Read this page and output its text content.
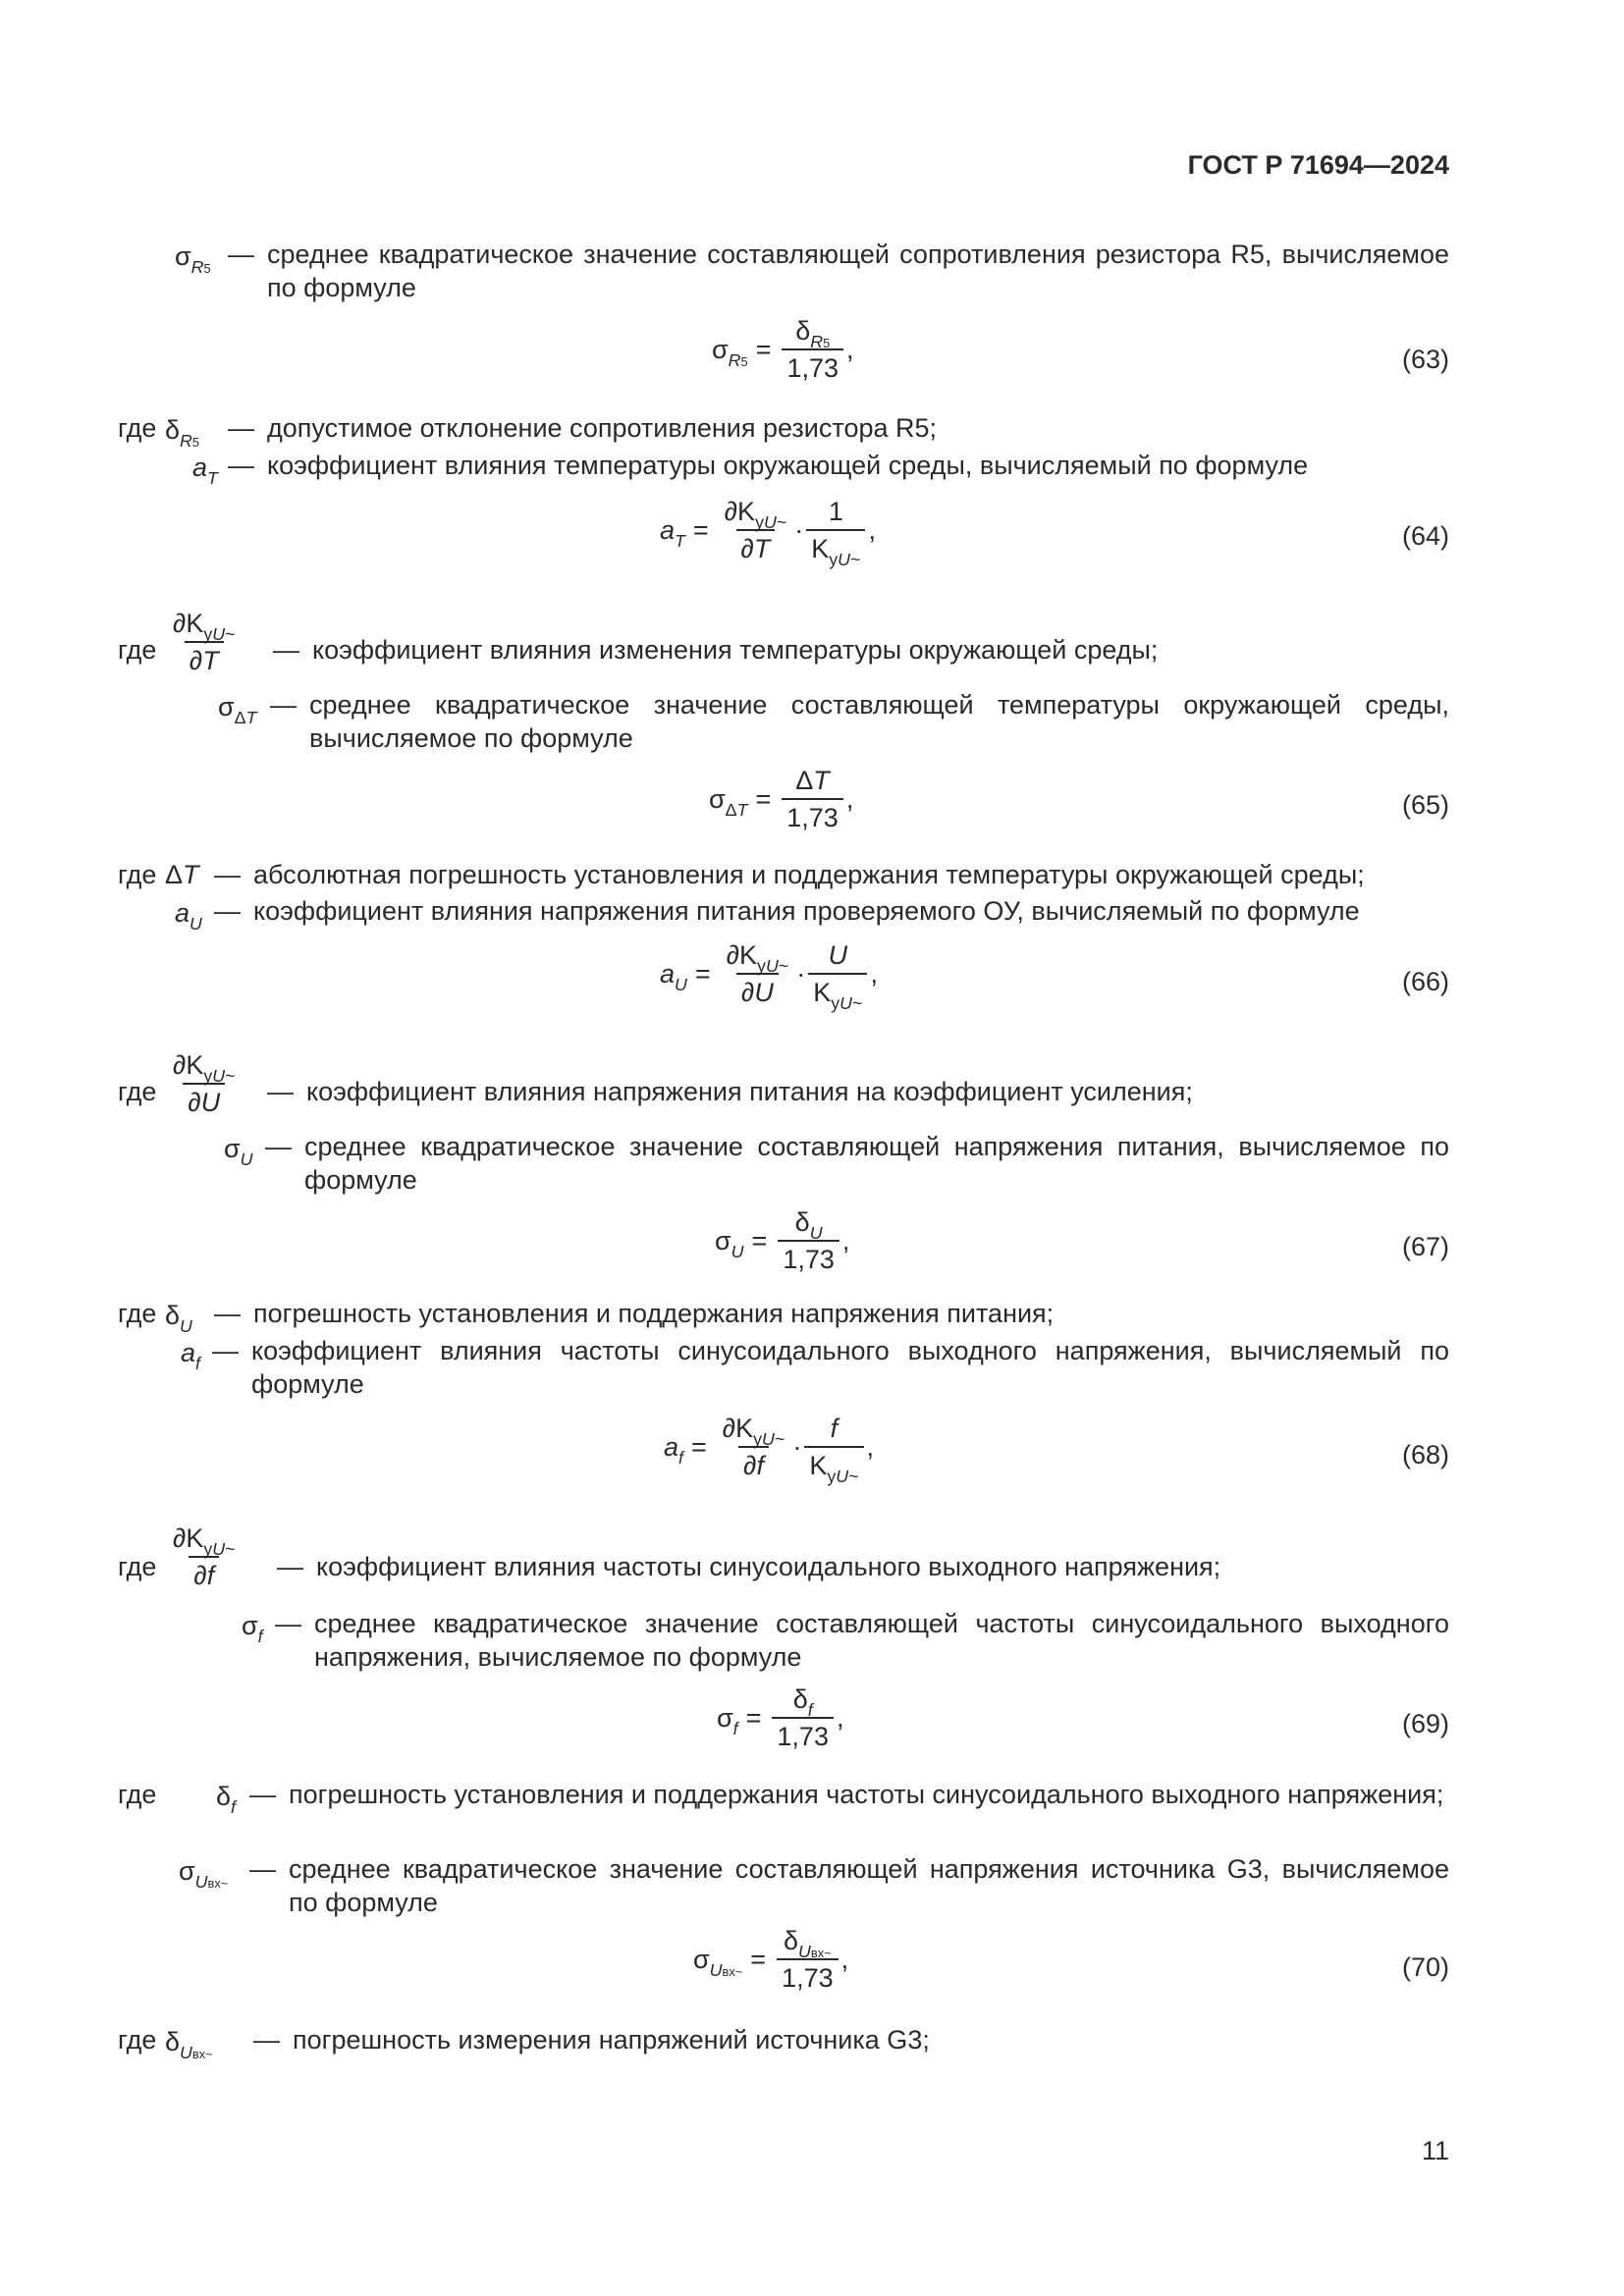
ГОСТ Р 71694—2024
$\sigma_{R5}$ — среднее квадратическое значение составляющей сопротивления резистора R5, вычисляемое по формуле
$\sigma_{R5} = \frac{\delta_{R5}}{1,73}$ ,	(63)
где $\delta_{R5}$ — допустимое отклонение сопротивления резистора R5;
$a_T$ — коэффициент влияния температуры окружающей среды, вычисляемый по формуле
$a_T = \frac{\partial K_{yU\sim}}{\partial T} \cdot \frac{1}{K_{yU\sim}}$ ,	(64)
где $\frac{\partial K_{yU\sim}}{\partial T}$ — коэффициент влияния изменения температуры окружающей среды;
$\sigma_{\Delta T}$ — среднее квадратическое значение составляющей температуры окружающей среды, вычисляемое по формуле
$\sigma_{\Delta T} = \frac{\Delta T}{1,73}$ ,	(65)
где ΔT — абсолютная погрешность установления и поддержания температуры окружающей среды;
$a_U$ — коэффициент влияния напряжения питания проверяемого ОУ, вычисляемый по формуле
$a_U = \frac{\partial K_{yU\sim}}{\partial U} \cdot \frac{U}{K_{yU\sim}}$ ,	(66)
где $\frac{\partial K_{yU\sim}}{\partial U}$ — коэффициент влияния напряжения питания на коэффициент усиления;
$\sigma_U$ — среднее квадратическое значение составляющей напряжения питания, вычисляемое по формуле
$\sigma_U = \frac{\delta_U}{1,73}$ ,	(67)
где $\delta_U$ — погрешность установления и поддержания напряжения питания;
$a_f$ — коэффициент влияния частоты синусоидального выходного напряжения, вычисляемый по формуле
$a_f = \frac{\partial K_{yU\sim}}{\partial f} \cdot \frac{f}{K_{yU\sim}}$ ,	(68)
где $\frac{\partial K_{yU\sim}}{\partial f}$ — коэффициент влияния частоты синусоидального выходного напряжения;
$\sigma_f$ — среднее квадратическое значение составляющей частоты синусоидального выходного напряжения, вычисляемое по формуле
$\sigma_f = \frac{\delta_f}{1,73}$ ,	(69)
где $\delta_f$ — погрешность установления и поддержания частоты синусоидального выходного напряжения;
$\sigma_{Uвх\sim}$ — среднее квадратическое значение составляющей напряжения источника G3, вычисляемое по формуле
$\sigma_{Uвх\sim} = \frac{\delta_{Uвх\sim}}{1,73}$ ,	(70)
где $\delta_{Uвх\sim}$ — погрешность измерения напряжений источника G3;
11
